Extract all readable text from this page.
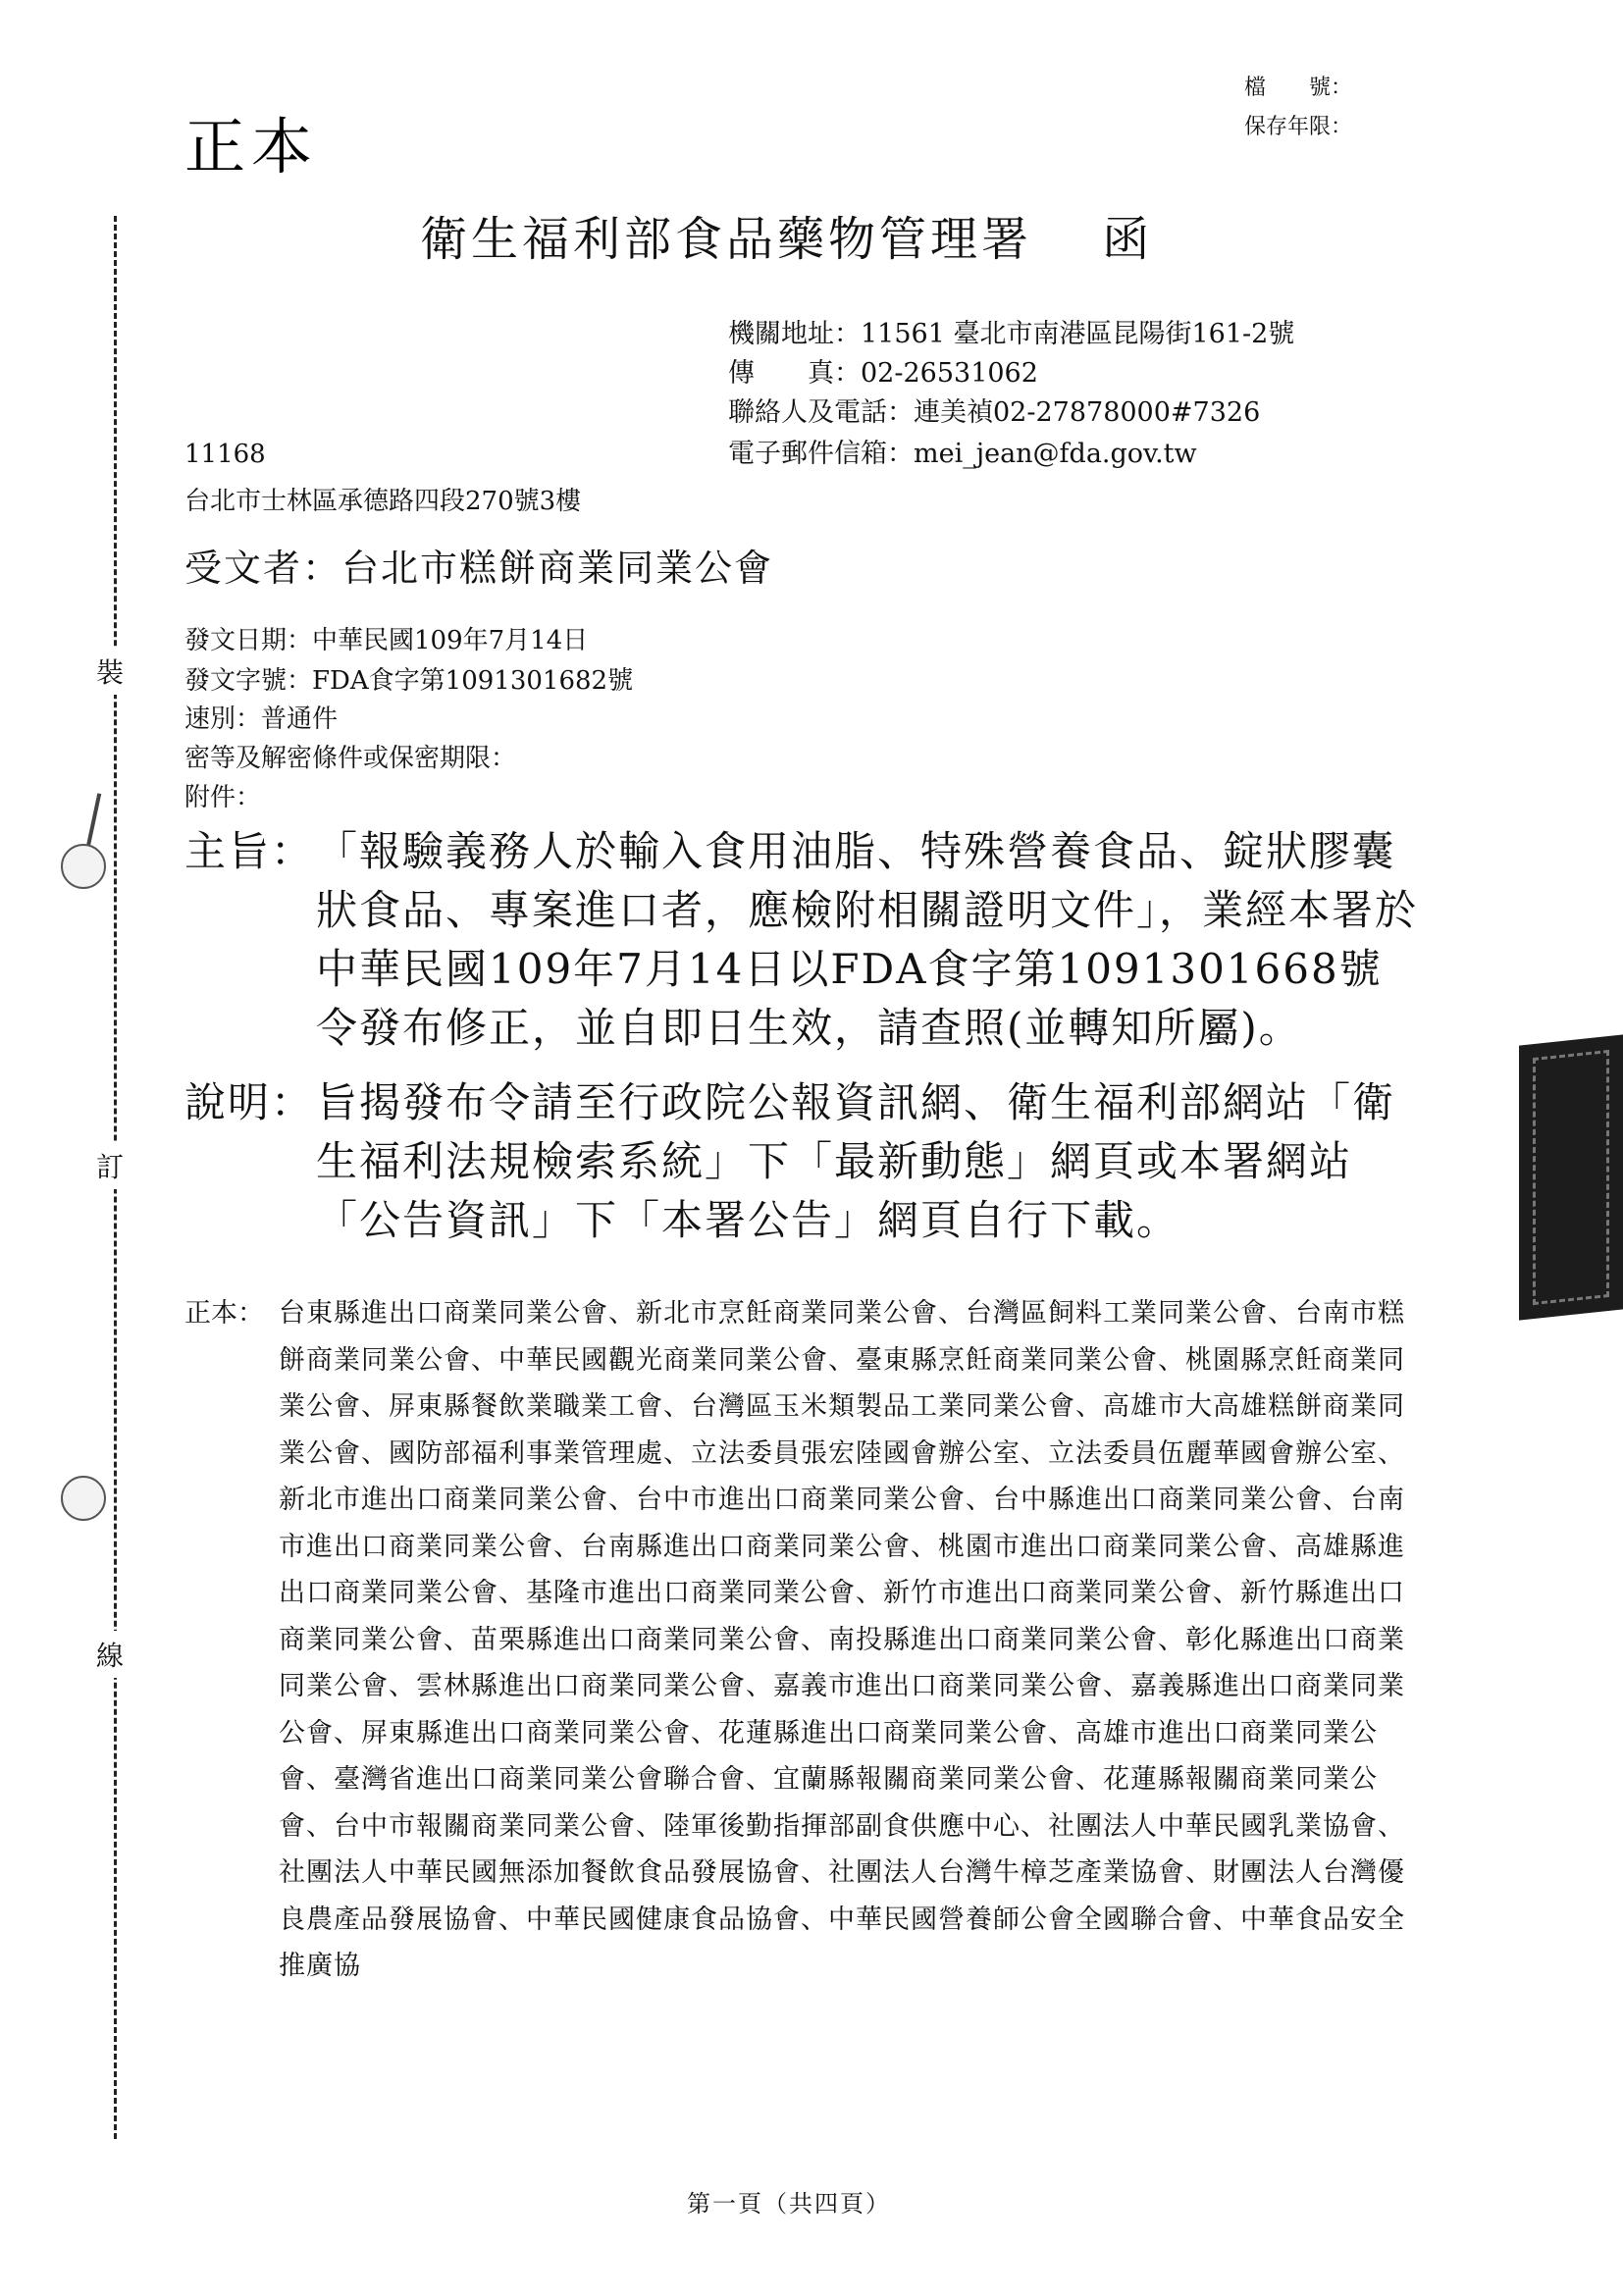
裝
訂
線
正本
檔　　號：
保存年限：
衛生福利部食品藥物管理署　 函
機關地址：11561 臺北市南港區昆陽街161-2號
傳　　真：02-26531062
聯絡人及電話：連美禎02-27878000#7326
電子郵件信箱：mei_jean@fda.gov.tw
11168
台北市士林區承德路四段270號3樓
受文者：台北市糕餅商業同業公會
發文日期：中華民國109年7月14日
發文字號：FDA食字第1091301682號
速別：普通件
密等及解密條件或保密期限：
附件：
主旨： 「報驗義務人於輸入食用油脂、特殊營養食品、錠狀膠囊狀食品、專案進口者，應檢附相關證明文件」，業經本署於中華民國109年7月14日以FDA食字第1091301668號令發布修正，並自即日生效，請查照(並轉知所屬)。
說明： 旨揭發布令請至行政院公報資訊網、衛生福利部網站「衛生福利法規檢索系統」下「最新動態」網頁或本署網站「公告資訊」下「本署公告」網頁自行下載。
正本： 台東縣進出口商業同業公會、新北市烹飪商業同業公會、台灣區飼料工業同業公會、台南市糕餅商業同業公會、中華民國觀光商業同業公會、臺東縣烹飪商業同業公會、桃園縣烹飪商業同業公會、屏東縣餐飲業職業工會、台灣區玉米類製品工業同業公會、高雄市大高雄糕餅商業同業公會、國防部福利事業管理處、立法委員張宏陸國會辦公室、立法委員伍麗華國會辦公室、新北市進出口商業同業公會、台中市進出口商業同業公會、台中縣進出口商業同業公會、台南市進出口商業同業公會、台南縣進出口商業同業公會、桃園市進出口商業同業公會、高雄縣進出口商業同業公會、基隆市進出口商業同業公會、新竹市進出口商業同業公會、新竹縣進出口商業同業公會、苗栗縣進出口商業同業公會、南投縣進出口商業同業公會、彰化縣進出口商業同業公會、雲林縣進出口商業同業公會、嘉義市進出口商業同業公會、嘉義縣進出口商業同業公會、屏東縣進出口商業同業公會、花蓮縣進出口商業同業公會、高雄市進出口商業同業公會、臺灣省進出口商業同業公會聯合會、宜蘭縣報關商業同業公會、花蓮縣報關商業同業公會、台中市報關商業同業公會、陸軍後勤指揮部副食供應中心、社團法人中華民國乳業協會、社團法人中華民國無添加餐飲食品發展協會、社團法人台灣牛樟芝產業協會、財團法人台灣優良農產品發展協會、中華民國健康食品協會、中華民國營養師公會全國聯合會、中華食品安全推廣協
第一頁（共四頁）
